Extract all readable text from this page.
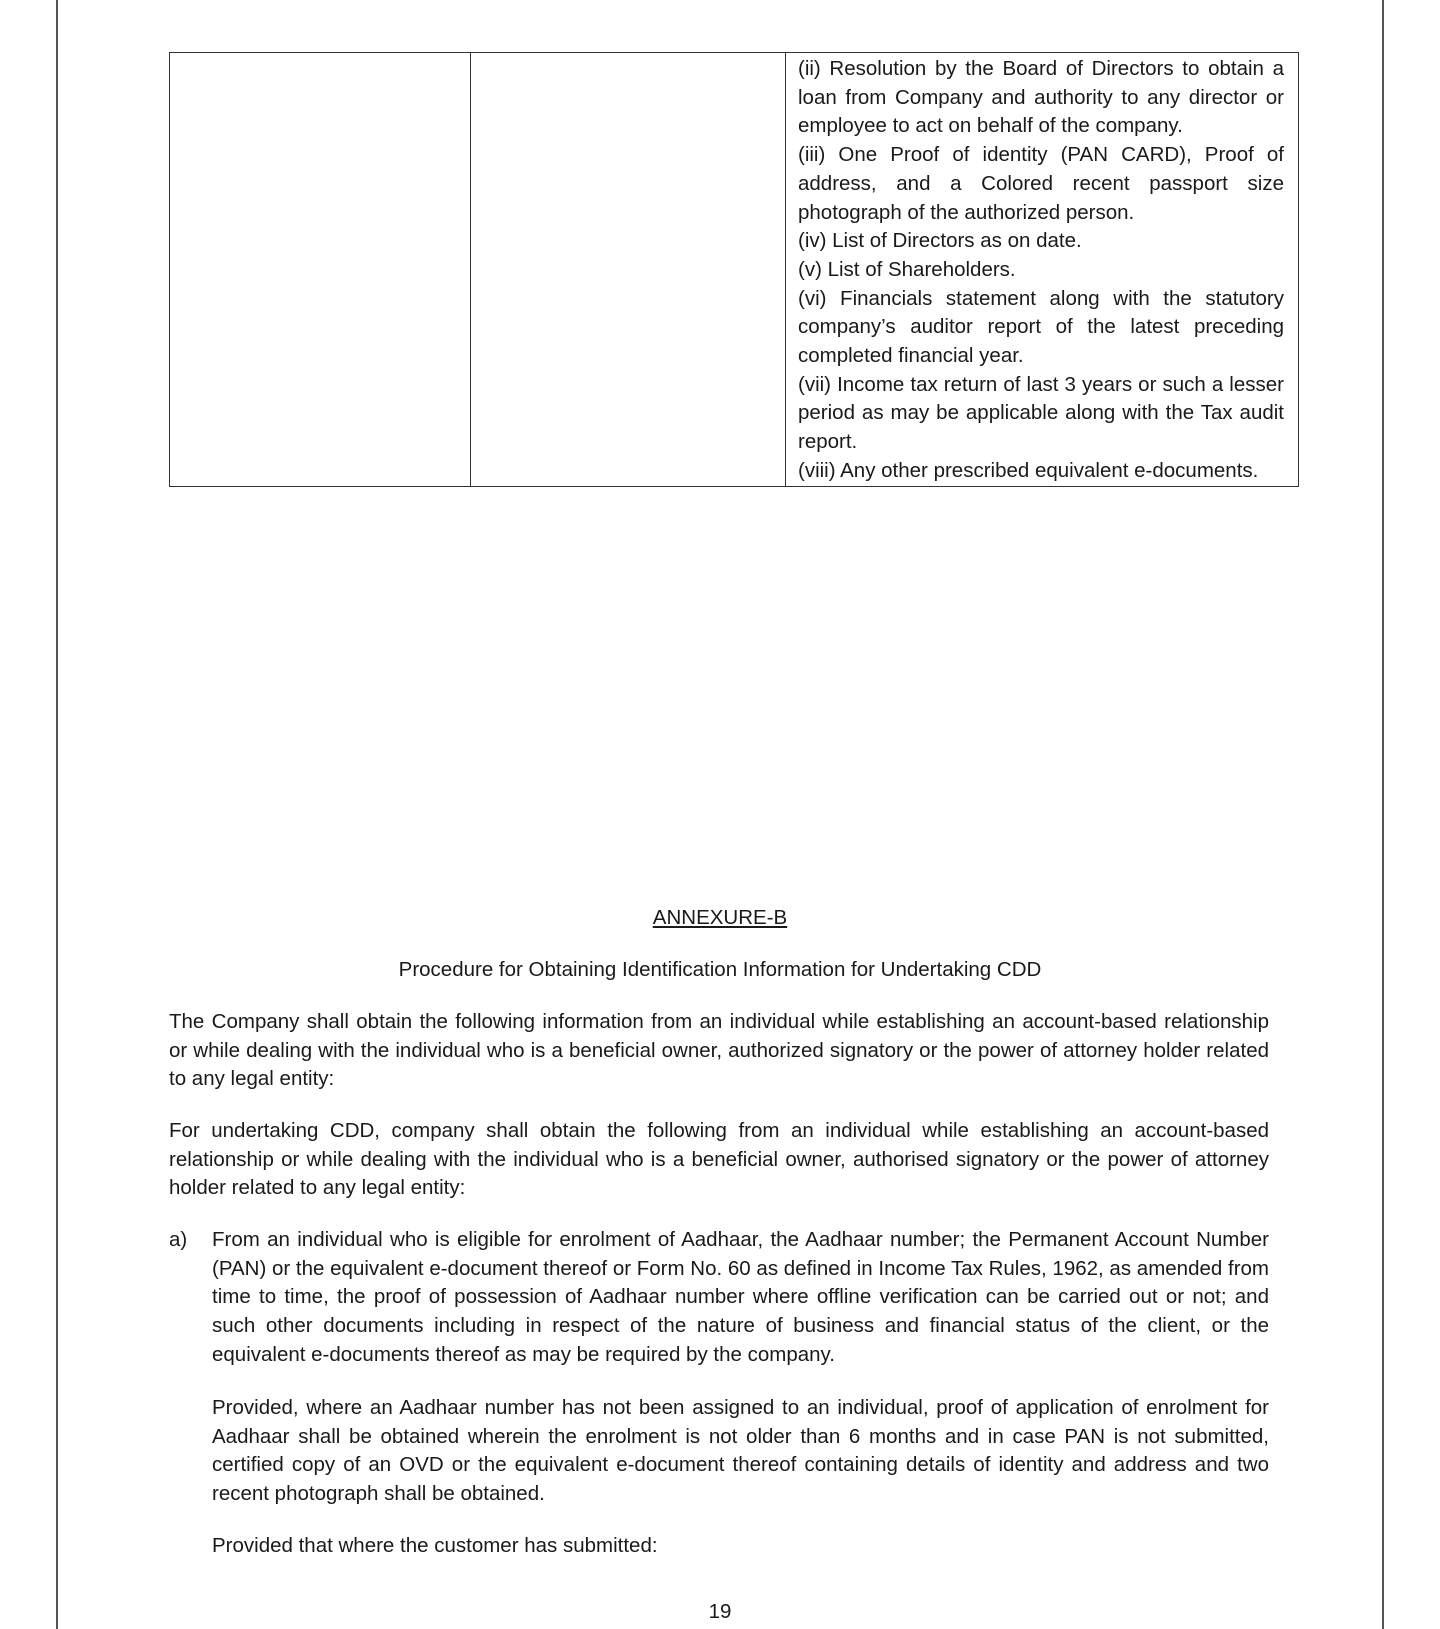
(ii) Resolution by the Board of Directors to obtain a loan from Company and authority to any director or employee to act on behalf of the company.
(iii) One Proof of identity (PAN CARD), Proof of address, and a Colored recent passport size photograph of the authorized person.
(iv) List of Directors as on date.
(v) List of Shareholders.
(vi) Financials statement along with the statutory company’s auditor report of the latest preceding completed financial year.
(vii) Income tax return of last 3 years or such a lesser period as may be applicable along with the Tax audit report.
(viii) Any other prescribed equivalent e-documents.
ANNEXURE-B
Procedure for Obtaining Identification Information for Undertaking CDD
The Company shall obtain the following information from an individual while establishing an account-based relationship or while dealing with the individual who is a beneficial owner, authorized signatory or the power of attorney holder related to any legal entity:
For undertaking CDD, company shall obtain the following from an individual while establishing an account-based relationship or while dealing with the individual who is a beneficial owner, authorised signatory or the power of attorney holder related to any legal entity:
a) From an individual who is eligible for enrolment of Aadhaar, the Aadhaar number; the Permanent Account Number (PAN) or the equivalent e-document thereof or Form No. 60 as defined in Income Tax Rules, 1962, as amended from time to time, the proof of possession of Aadhaar number where offline verification can be carried out or not; and such other documents including in respect of the nature of business and financial status of the client, or the equivalent e-documents thereof as may be required by the company.
Provided, where an Aadhaar number has not been assigned to an individual, proof of application of enrolment for Aadhaar shall be obtained wherein the enrolment is not older than 6 months and in case PAN is not submitted, certified copy of an OVD or the equivalent e-document thereof containing details of identity and address and two recent photograph shall be obtained.
Provided that where the customer has submitted:
19
